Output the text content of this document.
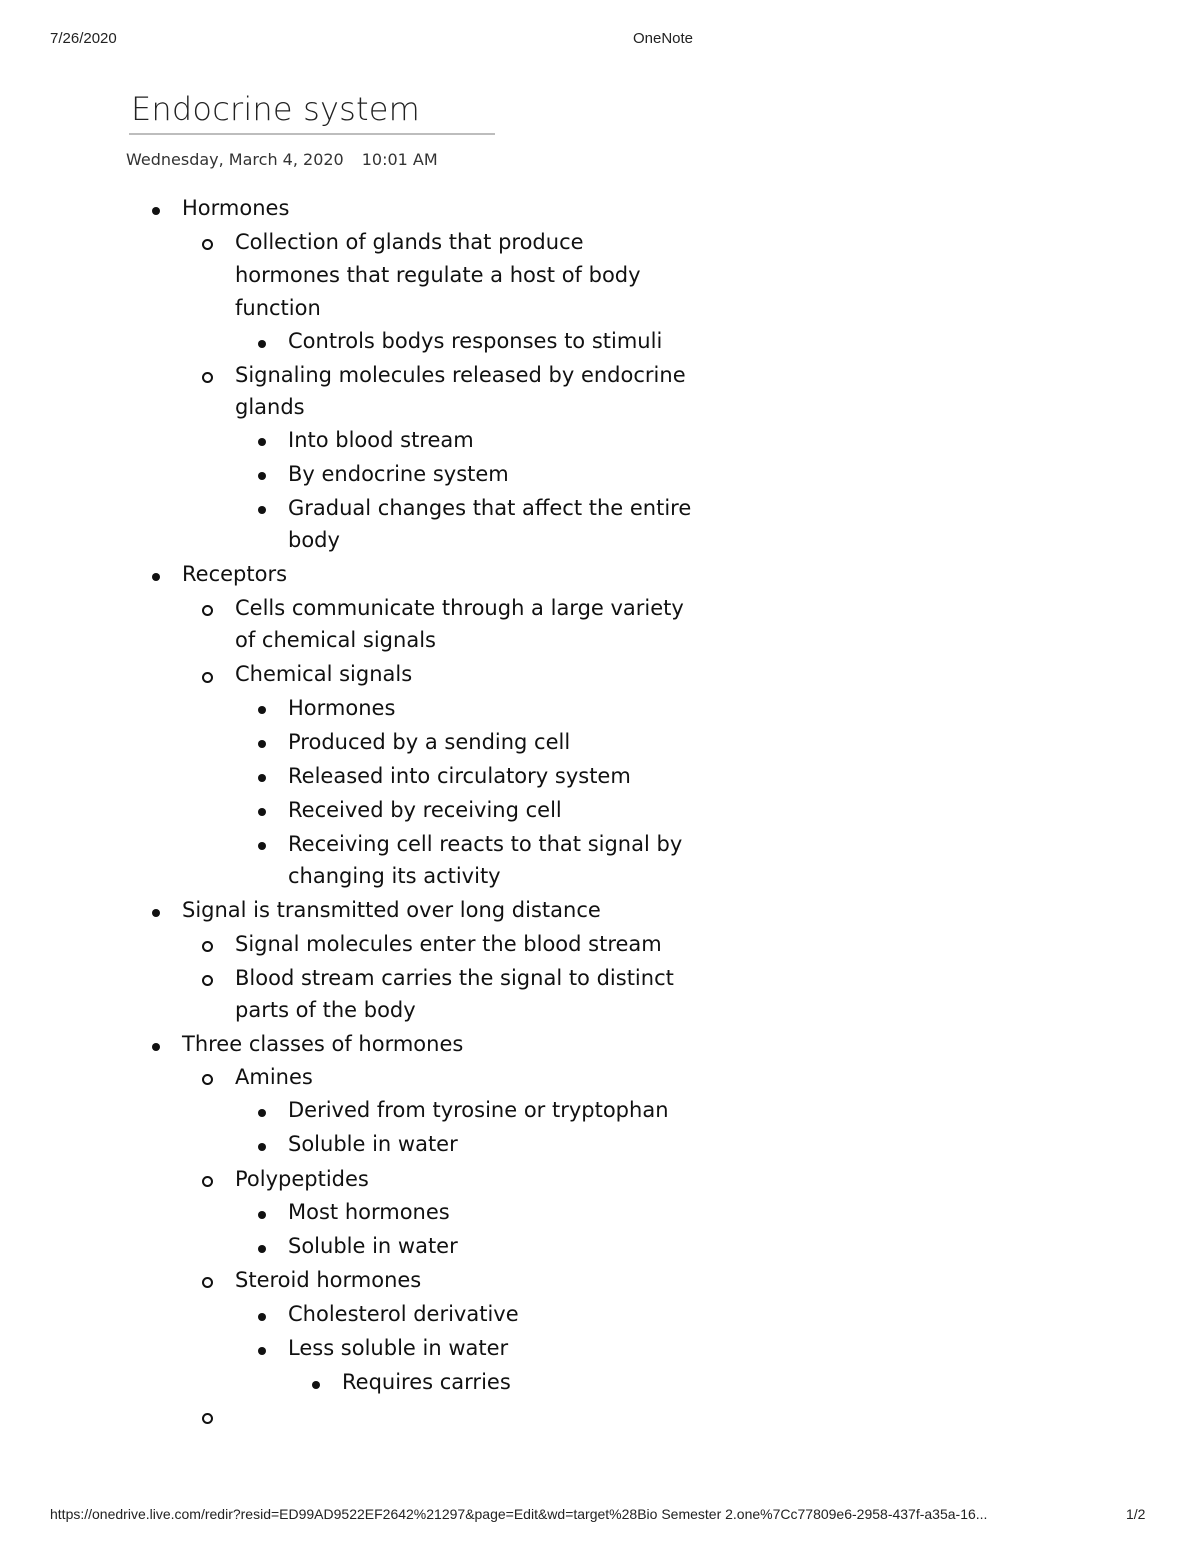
7/26/2020	OneNote
Endocrine system
Wednesday, March 4, 2020 10:01 AM
Hormones
Collection of glands that produce
hormones that regulate a host of body
function
Controls bodys responses to stimuli
Signaling molecules released by endocrine
glands
Into blood stream
By endocrine system
Gradual changes that affect the entire
body
Receptors
Cells communicate through a large variety
of chemical signals
Chemical signals
Hormones
Produced by a sending cell
Released into circulatory system
Received by receiving cell
Receiving cell reacts to that signal by
changing its activity
Signal is transmitted over long distance
Signal molecules enter the blood stream
Blood stream carries the signal to distinct
parts of the body
Three classes of hormones
Amines
Derived from tyrosine or tryptophan
Soluble in water
Polypeptides
Most hormones
Soluble in water
Steroid hormones
Cholesterol derivative
Less soluble in water
Requires carries
https://onedrive.live.com/redir?resid=ED99AD9522EF2642%21297&page=Edit&wd=target%28Bio Semester 2.one%7Cc77809e6-2958-437f-a35a-16...	1/2
